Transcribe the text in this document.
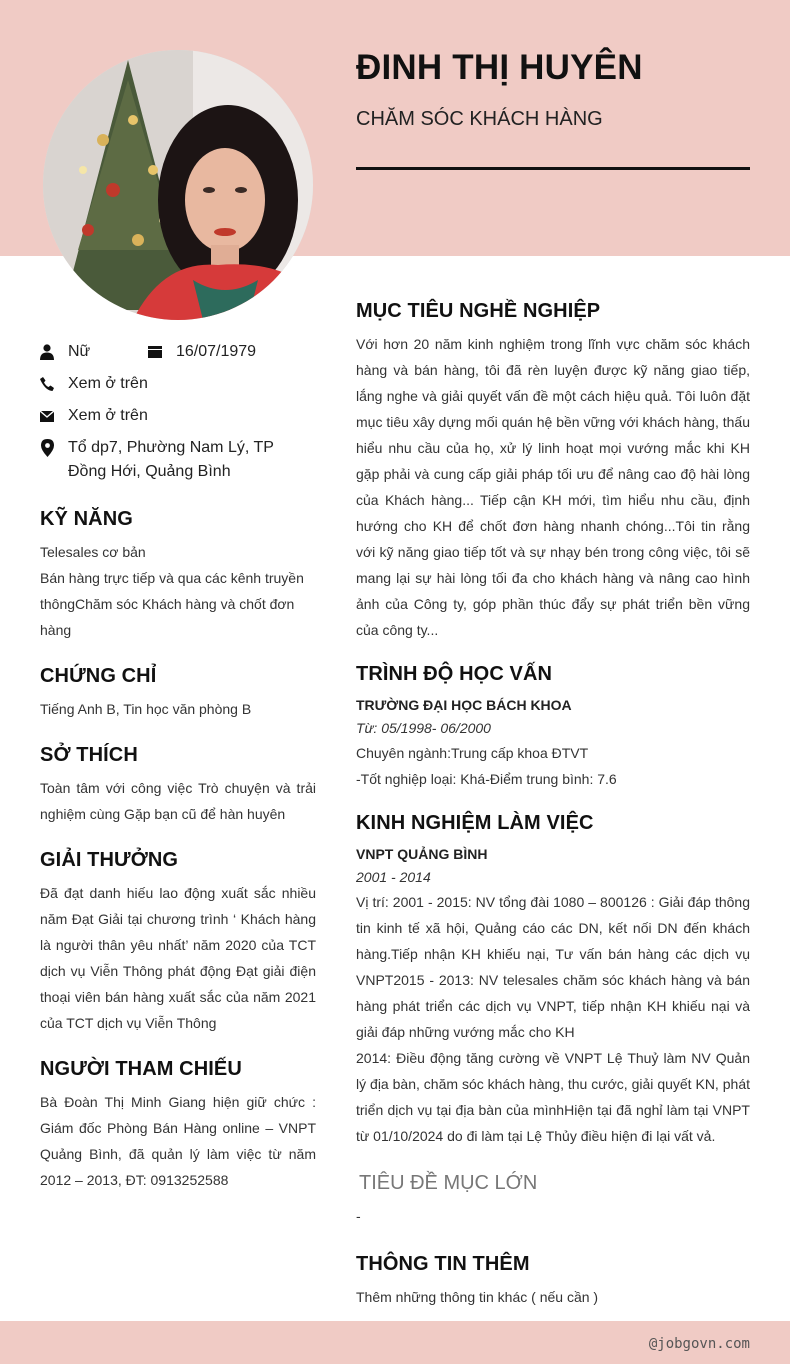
ĐINH THỊ HUYÊN
CHĂM SÓC KHÁCH HÀNG
Nữ	16/07/1979
Xem ở trên
Xem ở trên
Tổ dp7, Phường Nam Lý, TP Đồng Hới, Quảng Bình
KỸ NĂNG
Telesales cơ bản
Bán hàng trực tiếp và qua các kênh truyền thôngChăm sóc Khách hàng và chốt đơn hàng
CHỨNG CHỈ
Tiếng Anh B, Tin học văn phòng B
SỞ THÍCH
Toàn tâm với công việc Trò chuyện và trải nghiệm cùng Gặp bạn cũ để hàn huyên
GIẢI THƯỞNG
Đã đạt danh hiếu lao động xuất sắc nhiều năm Đạt Giải tại chương trình ‘ Khách hàng là người thân yêu nhất’ năm 2020 của TCT dịch vụ Viễn Thông phát động Đạt giải điện thoại viên bán hàng xuất sắc của năm 2021 của TCT dịch vụ Viễn Thông
NGƯỜI THAM CHIẾU
Bà Đoàn Thị Minh Giang hiện giữ chức : Giám đốc Phòng Bán Hàng online – VNPT Quảng Bình, đã quản lý làm việc từ năm 2012 – 2013, ĐT: 0913252588
MỤC TIÊU NGHỀ NGHIỆP
Với hơn 20 năm kinh nghiệm trong lĩnh vực chăm sóc khách hàng và bán hàng, tôi đã rèn luyện được kỹ năng giao tiếp, lắng nghe và giải quyết vấn đề một cách hiệu quả. Tôi luôn đặt mục tiêu xây dựng mối quán hệ bền vững với khách hàng, thấu hiểu nhu cầu của họ, xử lý linh hoạt mọi vướng mắc khi KH gặp phải và cung cấp giải pháp tối ưu để nâng cao độ hài lòng của Khách hàng... Tiếp cận KH mới, tìm hiểu nhu cầu, định hướng cho KH để chốt đơn hàng nhanh chóng...Tôi tin rằng với kỹ năng giao tiếp tốt và sự nhạy bén trong công việc, tôi sẽ mang lại sự hài lòng tối đa cho khách hàng và nâng cao hình ảnh của Công ty, góp phần thúc đẩy sự phát triển bền vững của công ty...
TRÌNH ĐỘ HỌC VẤN
TRƯỜNG ĐẠI HỌC BÁCH KHOA
Từ: 05/1998- 06/2000
Chuyên ngành:Trung cấp khoa ĐTVT
-Tốt nghiệp loại: Khá-Điểm trung bình: 7.6
KINH NGHIỆM LÀM VIỆC
VNPT QUẢNG BÌNH
2001 - 2014
Vị trí: 2001 - 2015: NV tổng đài 1080 – 800126 : Giải đáp thông tin kinh tế xã hội, Quảng cáo các DN, kết nối DN đến khách hàng.Tiếp nhận KH khiếu nại, Tư vấn bán hàng các dịch vụ VNPT2015 - 2013: NV telesales chăm sóc khách hàng và bán hàng phát triển các dịch vụ VNPT, tiếp nhận KH khiếu nại và giải đáp những vướng mắc cho KH
2014: Điều động tăng cường về VNPT Lệ Thuỷ làm NV Quản lý địa bàn, chăm sóc khách hàng, thu cước, giải quyết KN, phát triển dịch vụ tại địa bàn của mìnhHiện tại đã nghỉ làm tại VNPT từ 01/10/2024 do đi làm tại Lệ Thủy điều hiện đi lại vất vả.
TIÊU ĐỀ MỤC LỚN
-
THÔNG TIN THÊM
Thêm những thông tin khác ( nếu cần )
@jobgovn.com
